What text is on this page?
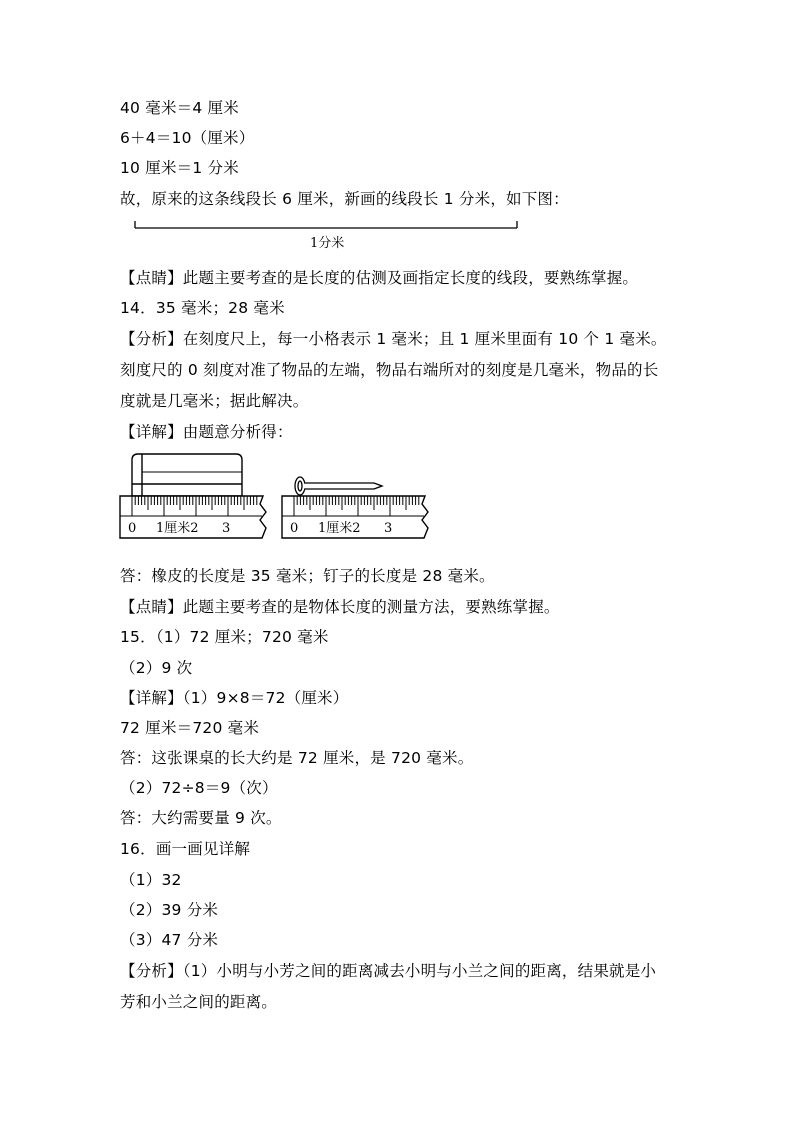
40 毫米＝4 厘米
6＋4＝10（厘米）
10 厘米＝1 分米
故，原来的这条线段长 6 厘米，新画的线段长 1 分米，如下图：
1分米
【点睛】此题主要考查的是长度的估测及画指定长度的线段，要熟练掌握。
14．35 毫米；28 毫米
【分析】在刻度尺上，每一小格表示 1 毫米；且 1 厘米里面有 10 个 1 毫米。
刻度尺的 0 刻度对准了物品的左端，物品右端所对的刻度是几毫米，物品的长
度就是几毫米；据此解决。
【详解】由题意分析得：
0 1厘米2 3	0 1厘米2 3
答：橡皮的长度是 35 毫米；钉子的长度是 28 毫米。
【点睛】此题主要考查的是物体长度的测量方法，要熟练掌握。
15．（1）72 厘米；720 毫米
（2）9 次
【详解】（1）9×8＝72（厘米）
72 厘米＝720 毫米
答：这张课桌的长大约是 72 厘米，是 720 毫米。
（2）72÷8＝9（次）
答：大约需要量 9 次。
16．画一画见详解
（1）32
（2）39 分米
（3）47 分米
【分析】（1）小明与小芳之间的距离减去小明与小兰之间的距离，结果就是小
芳和小兰之间的距离。
